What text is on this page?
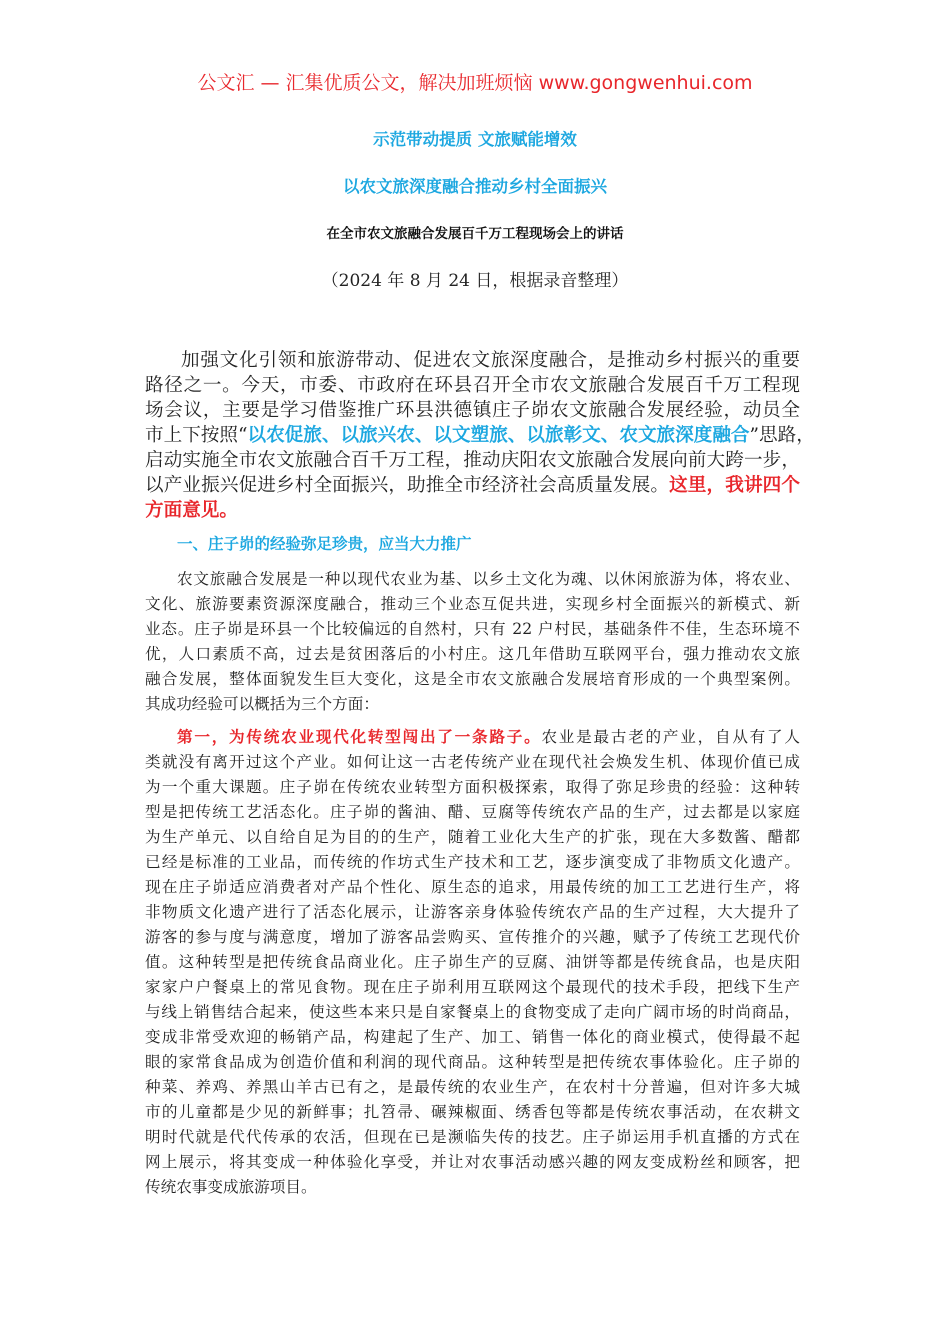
公文汇 — 汇集优质公文，解决加班烦恼 www.gongwenhui.com
示范带动提质 文旅赋能增效
以农文旅深度融合推动乡村全面振兴
在全市农文旅融合发展百千万工程现场会上的讲话
（2024 年 8 月 24 日，根据录音整理）
加强文化引领和旅游带动、促进农文旅深度融合，是推动乡村振兴的重要
路径之一。今天，市委、市政府在环县召开全市农文旅融合发展百千万工程现
场会议，主要是学习借鉴推广环县洪德镇庄子峁农文旅融合发展经验，动员全
市上下按照“以农促旅、以旅兴农、以文塑旅、以旅彰文、农文旅深度融合”思路，
启动实施全市农文旅融合百千万工程，推动庆阳农文旅融合发展向前大跨一步，
以产业振兴促进乡村全面振兴，助推全市经济社会高质量发展。这里，我讲四个
方面意见。
一、庄子峁的经验弥足珍贵，应当大力推广
农文旅融合发展是一种以现代农业为基、以乡土文化为魂、以休闲旅游为体，将农业、
文化、旅游要素资源深度融合，推动三个业态互促共进，实现乡村全面振兴的新模式、新
业态。庄子峁是环县一个比较偏远的自然村，只有 22 户村民，基础条件不佳，生态环境不
优，人口素质不高，过去是贫困落后的小村庄。这几年借助互联网平台，强力推动农文旅
融合发展，整体面貌发生巨大变化，这是全市农文旅融合发展培育形成的一个典型案例。
其成功经验可以概括为三个方面：
第一，为传统农业现代化转型闯出了一条路子。农业是最古老的产业，自从有了人
类就没有离开过这个产业。如何让这一古老传统产业在现代社会焕发生机、体现价值已成
为一个重大课题。庄子峁在传统农业转型方面积极探索，取得了弥足珍贵的经验：这种转
型是把传统工艺活态化。庄子峁的酱油、醋、豆腐等传统农产品的生产，过去都是以家庭
为生产单元、以自给自足为目的的生产，随着工业化大生产的扩张，现在大多数酱、醋都
已经是标准的工业品，而传统的作坊式生产技术和工艺，逐步演变成了非物质文化遗产。
现在庄子峁适应消费者对产品个性化、原生态的追求，用最传统的加工工艺进行生产，将
非物质文化遗产进行了活态化展示，让游客亲身体验传统农产品的生产过程，大大提升了
游客的参与度与满意度，增加了游客品尝购买、宣传推介的兴趣，赋予了传统工艺现代价
值。这种转型是把传统食品商业化。庄子峁生产的豆腐、油饼等都是传统食品，也是庆阳
家家户户餐桌上的常见食物。现在庄子峁利用互联网这个最现代的技术手段，把线下生产
与线上销售结合起来，使这些本来只是自家餐桌上的食物变成了走向广阔市场的时尚商品，
变成非常受欢迎的畅销产品，构建起了生产、加工、销售一体化的商业模式，使得最不起
眼的家常食品成为创造价值和利润的现代商品。这种转型是把传统农事体验化。庄子峁的
种菜、养鸡、养黑山羊古已有之，是最传统的农业生产，在农村十分普遍，但对许多大城
市的儿童都是少见的新鲜事；扎笤帚、碾辣椒面、绣香包等都是传统农事活动，在农耕文
明时代就是代代传承的农活，但现在已是濒临失传的技艺。庄子峁运用手机直播的方式在
网上展示，将其变成一种体验化享受，并让对农事活动感兴趣的网友变成粉丝和顾客，把
传统农事变成旅游项目。
